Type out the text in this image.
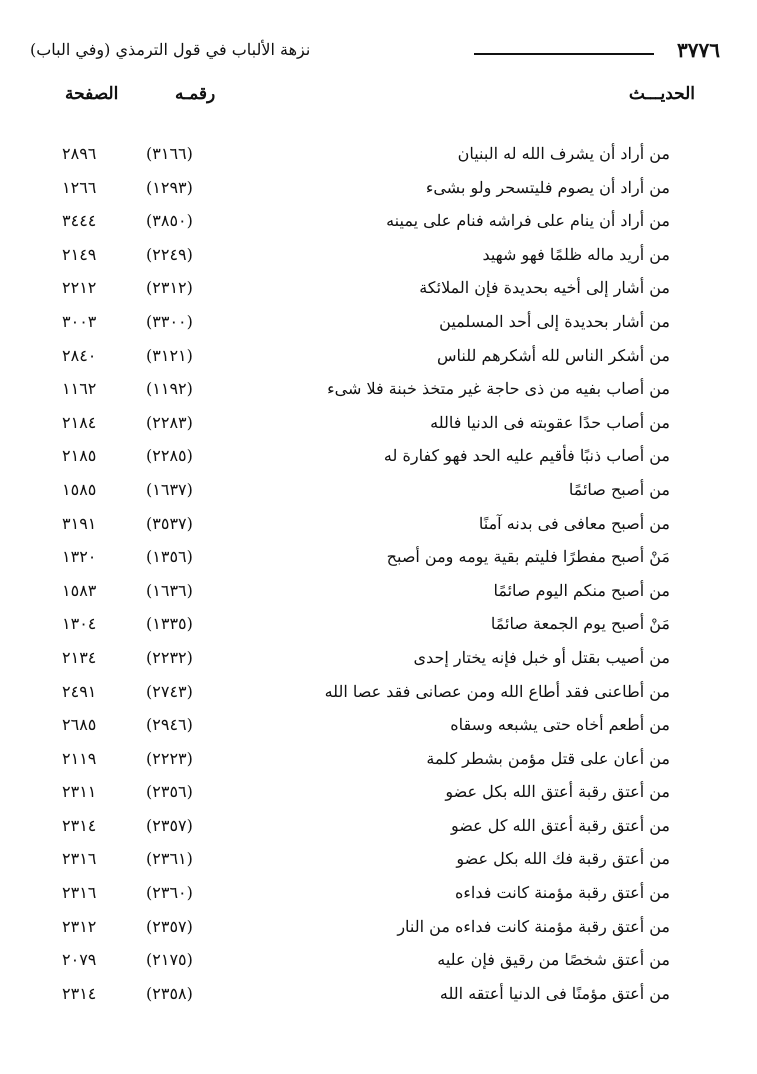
٣٧٧٦
نزهة الألباب في قول الترمذي (وفي الباب)
الحديـــث
رقمـه
الصفحة
من أراد أن يشرف الله له البنيان
(٣١٦٦)
٢٨٩٦
من أراد أن يصوم فليتسحر ولو بشىء
(١٢٩٣)
١٢٦٦
من أراد أن ينام على فراشه فنام على يمينه
(٣٨٥٠)
٣٤٤٤
من أريد ماله ظلمًا فهو شهيد
(٢٢٤٩)
٢١٤٩
من أشار إلى أخيه بحديدة فإن الملائكة
(٢٣١٢)
٢٢١٢
من أشار بحديدة إلى أحد المسلمين
(٣٣٠٠)
٣٠٠٣
من أشكر الناس لله أشكرهم للناس
(٣١٢١)
٢٨٤٠
من أصاب بفيه من ذى حاجة غير متخذ خبنة فلا شىء
(١١٩٢)
١١٦٢
من أصاب حدًا عقوبته فى الدنيا فالله
(٢٢٨٣)
٢١٨٤
من أصاب ذنبًا فأقيم عليه الحد فهو كفارة له
(٢٢٨٥)
٢١٨٥
من أصبح صائمًا
(١٦٣٧)
١٥٨٥
من أصبح معافى فى بدنه آمنًا
(٣٥٣٧)
٣١٩١
مَنْ أصبح مفطرًا فليتم بقية يومه ومن أصبح
(١٣٥٦)
١٣٢٠
من أصبح منكم اليوم صائمًا
(١٦٣٦)
١٥٨٣
مَنْ أصبح يوم الجمعة صائمًا
(١٣٣٥)
١٣٠٤
من أصيب بقتل أو خبل فإنه يختار إحدى
(٢٢٣٢)
٢١٣٤
من أطاعنى فقد أطاع الله ومن عصانى فقد عصا الله
(٢٧٤٣)
٢٤٩١
من أطعم أخاه حتى يشبعه وسقاه
(٢٩٤٦)
٢٦٨٥
من أعان على قتل مؤمن بشطر كلمة
(٢٢٢٣)
٢١١٩
من أعتق رقبة أعتق الله بكل عضو
(٢٣٥٦)
٢٣١١
من أعتق رقبة أعتق الله كل عضو
(٢٣٥٧)
٢٣١٤
من أعتق رقبة فك الله بكل عضو
(٢٣٦١)
٢٣١٦
من أعتق رقبة مؤمنة كانت فداءه
(٢٣٦٠)
٢٣١٦
من أعتق رقبة مؤمنة كانت فداءه من النار
(٢٣٥٧)
٢٣١٢
من أعتق شخصًا من رقيق فإن عليه
(٢١٧٥)
٢٠٧٩
من أعتق مؤمنًا فى الدنيا أعتقه الله
(٢٣٥٨)
٢٣١٤
